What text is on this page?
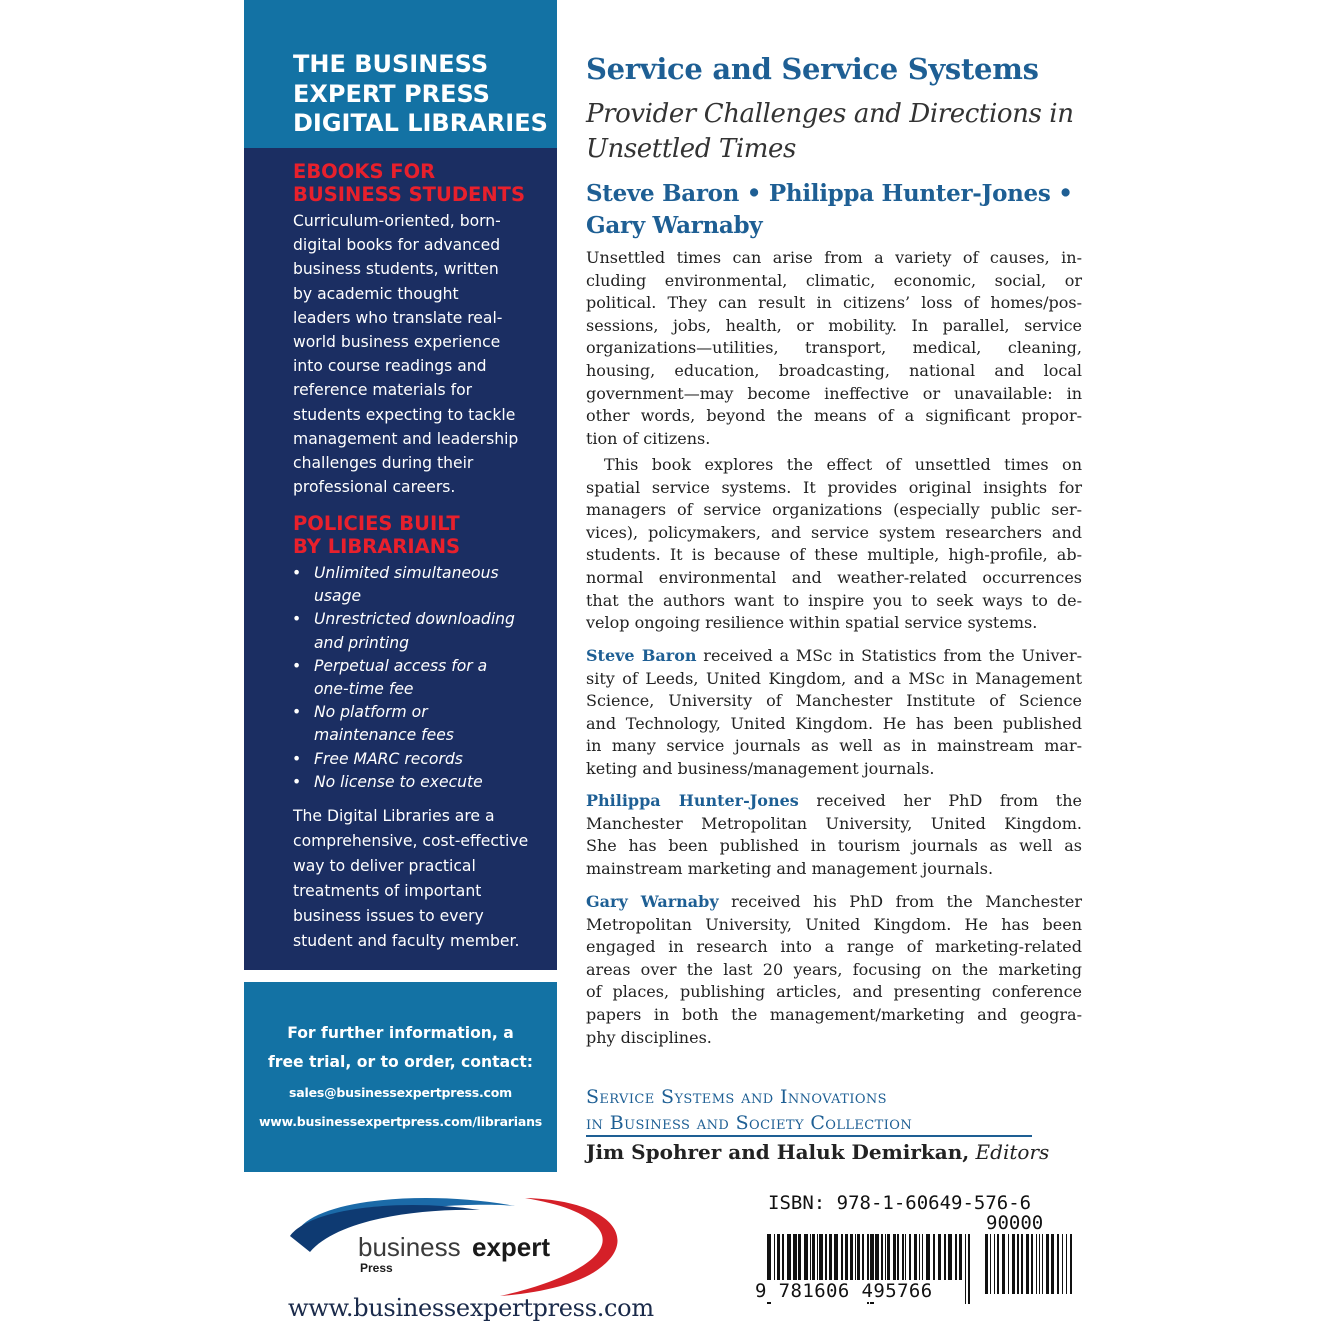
THE BUSINESS
EXPERT PRESS
DIGITAL LIBRARIES
EBOOKS FOR
BUSINESS STUDENTS
Curriculum-oriented, born-
digital books for advanced
business students, written
by academic thought
leaders who translate real-
world business experience
into course readings and
reference materials for
students expecting to tackle
management and leadership
challenges during their
professional careers.
POLICIES BUILT
BY LIBRARIANS
• Unlimited simultaneous
usage
• Unrestricted downloading
and printing
• Perpetual access for a
one-time fee
• No platform or
maintenance fees
• Free MARC records
• No license to execute
The Digital Libraries are a
comprehensive, cost-effective
way to deliver practical
treatments of important
business issues to every
student and faculty member.
For further information, a
free trial, or to order, contact:
sales@businessexpertpress.com
www.businessexpertpress.com/librarians
business expert
Press
www.businessexpertpress.com
Service and Service Systems
Provider Challenges and Directions in
Unsettled Times
Steve Baron • Philippa Hunter-Jones •
Gary Warnaby
Unsettled times can arise from a variety of causes, in-
cluding environmental, climatic, economic, social, or
political. They can result in citizens’ loss of homes/pos-
sessions, jobs, health, or mobility. In parallel, service
organizations—utilities, transport, medical, cleaning,
housing, education, broadcasting, national and local
government—may become ineffective or unavailable: in
other words, beyond the means of a significant propor-
tion of citizens.
This book explores the effect of unsettled times on
spatial service systems. It provides original insights for
managers of service organizations (especially public ser-
vices), policymakers, and service system researchers and
students. It is because of these multiple, high-profile, ab-
normal environmental and weather-related occurrences
that the authors want to inspire you to seek ways to de-
velop ongoing resilience within spatial service systems.
Steve Baron received a MSc in Statistics from the Univer-
sity of Leeds, United Kingdom, and a MSc in Management
Science, University of Manchester Institute of Science
and Technology, United Kingdom. He has been published
in many service journals as well as in mainstream mar-
keting and business/management journals.
Philippa Hunter-Jones received her PhD from the
Manchester Metropolitan University, United Kingdom.
She has been published in tourism journals as well as
mainstream marketing and management journals.
Gary Warnaby received his PhD from the Manchester
Metropolitan University, United Kingdom. He has been
engaged in research into a range of marketing-related
areas over the last 20 years, focusing on the marketing
of places, publishing articles, and presenting conference
papers in both the management/marketing and geogra-
phy disciplines.
Service Systems and Innovations
in Business and Society Collection
Jim Spohrer and Haluk Demirkan, Editors
ISBN: 978-1-60649-576-6
90000
9 781606 495766
